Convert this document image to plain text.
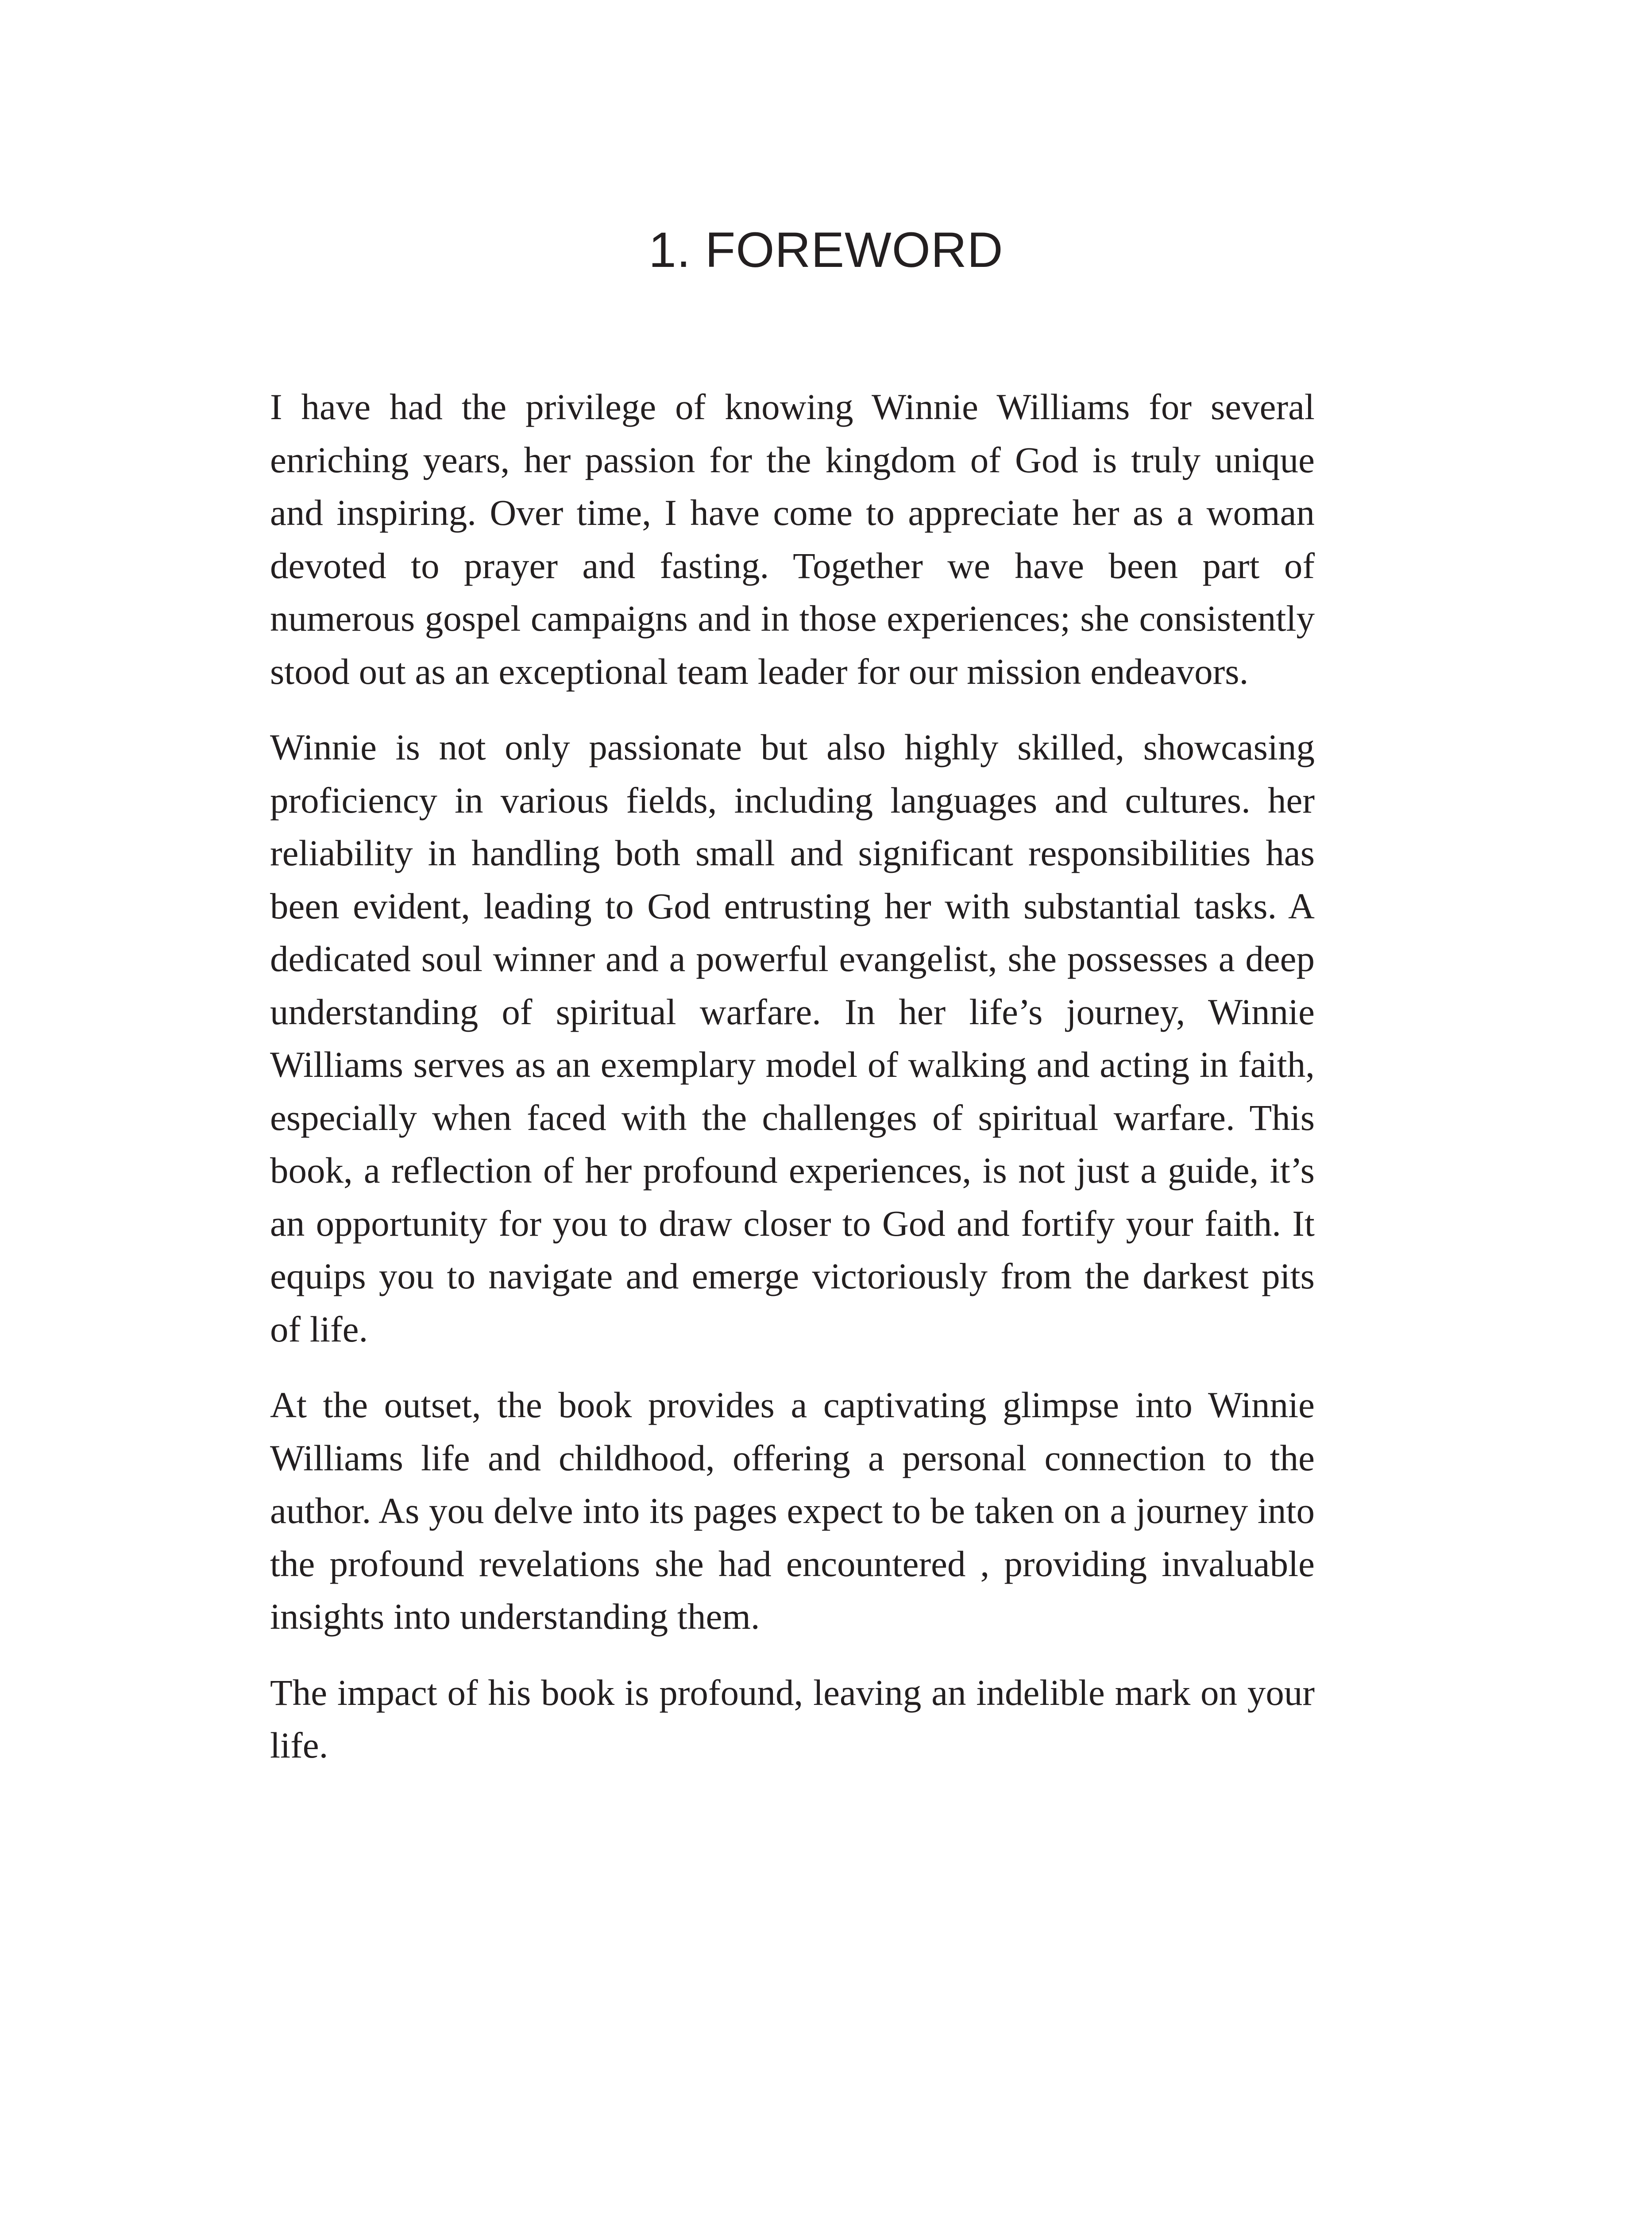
1. FOREWORD

I have had the privilege of knowing Winnie Williams for several enriching years, her passion for the kingdom of God is truly unique and inspiring. Over time, I have come to appreciate her as a woman devoted to prayer and fasting. Together we have been part of numerous gospel campaigns and in those experiences; she consistently stood out as an exceptional team leader for our mission endeavors.

Winnie is not only passionate but also highly skilled, showcasing proficiency in various fields, including languages and cultures. her reliability in handling both small and significant responsibilities has been evident, leading to God entrusting her with substantial tasks. A dedicated soul winner and a powerful evangelist, she possesses a deep understanding of spiritual warfare. In her life’s journey, Winnie Williams serves as an exemplary model of walking and acting in faith, especially when faced with the challenges of spiritual warfare. This book, a reflection of her profound experiences, is not just a guide, it’s an opportunity for you to draw closer to God and fortify your faith. It equips you to navigate and emerge victoriously from the darkest pits of life.

At the outset, the book provides a captivating glimpse into Winnie Williams life and childhood, offering a personal connection to the author. As you delve into its pages expect to be taken on a journey into the profound revelations she had encountered , providing invaluable insights into understanding them.

The impact of his book is profound, leaving an indelible mark on your life.
